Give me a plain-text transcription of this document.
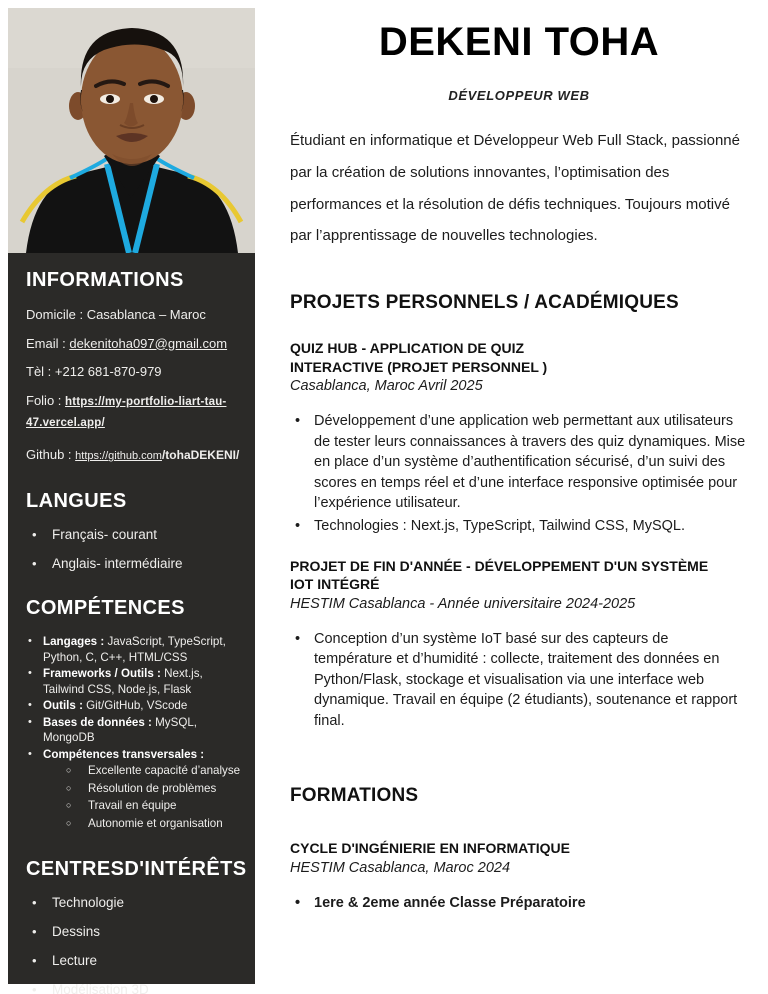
INFORMATIONS
Domicile : Casablanca – Maroc
Email : dekenitoha097@gmail.com
Tèl : +212 681-870-979
Folio : https://my-portfolio-liart-tau-47.vercel.app/
Github : https://github.com/tohaDEKENI/
LANGUES
• Français- courant
• Anglais- intermédiaire
COMPÉTENCES
• Langages : JavaScript, TypeScript, Python, C, C++, HTML/CSS
• Frameworks / Outils : Next.js, Tailwind CSS, Node.js, Flask
• Outils : Git/GitHub, VScode
• Bases de données : MySQL, MongoDB
• Compétences transversales :
○ Excellente capacité d’analyse
○ Résolution de problèmes
○ Travail en équipe
○ Autonomie et organisation
CENTRESD'INTÉRÊTS
• Technologie
• Dessins
• Lecture
• Modélisation 3D
DEKENI TOHA
DÉVELOPPEUR WEB

Étudiant en informatique et Développeur Web Full Stack, passionné par la création de solutions innovantes, l’optimisation des performances et la résolution de défis techniques. Toujours motivé par l’apprentissage de nouvelles technologies.

PROJETS PERSONNELS / ACADÉMIQUES
QUIZ HUB - APPLICATION DE QUIZ INTERACTIVE (PROJET PERSONNEL )
Casablanca, Maroc Avril 2025
• Développement d’une application web permettant aux utilisateurs de tester leurs connaissances à travers des quiz dynamiques. Mise en place d’un système d’authentification sécurisé, d’un suivi des scores en temps réel et d’une interface responsive optimisée pour l’expérience utilisateur.
• Technologies : Next.js, TypeScript, Tailwind CSS, MySQL.
PROJET DE FIN D'ANNÉE - DÉVELOPPEMENT D'UN SYSTÈME IOT INTÉGRÉ
HESTIM Casablanca - Année universitaire 2024-2025
• Conception d’un système IoT basé sur des capteurs de température et d’humidité : collecte, traitement des données en Python/Flask, stockage et visualisation via une interface web dynamique. Travail en équipe (2 étudiants), soutenance et rapport final.
FORMATIONS
CYCLE D'INGÉNIERIE EN INFORMATIQUE
HESTIM Casablanca, Maroc 2024
• 1ere & 2eme année Classe Préparatoire
